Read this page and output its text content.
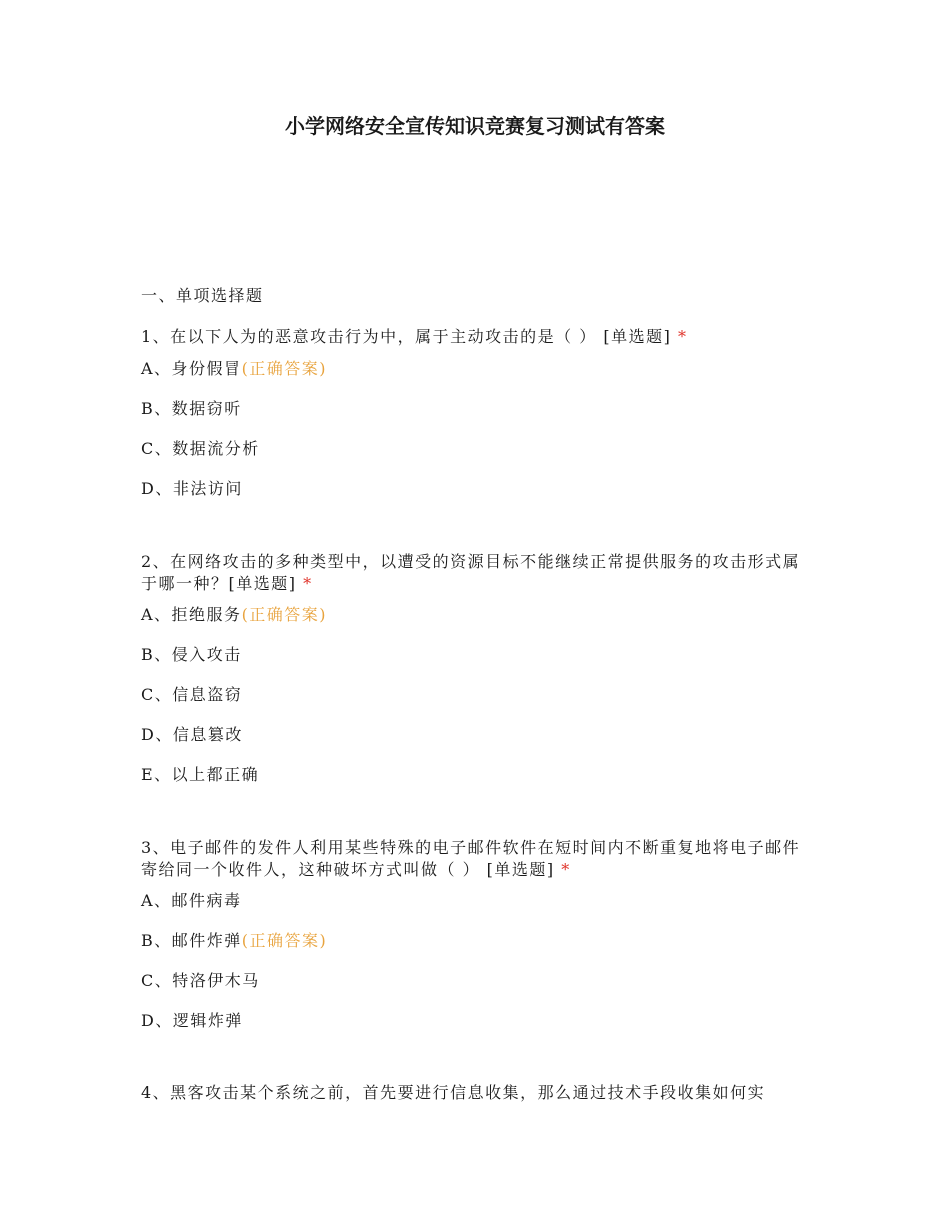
小学网络安全宣传知识竞赛复习测试有答案
一、单项选择题
1、在以下人为的恶意攻击行为中，属于主动攻击的是（ ） [单选题] *
A、身份假冒(正确答案)
B、数据窃听
C、数据流分析
D、非法访问
2、在网络攻击的多种类型中，以遭受的资源目标不能继续正常提供服务的攻击形式属于哪一种？[单选题] *
A、拒绝服务(正确答案)
B、侵入攻击
C、信息盗窃
D、信息篡改
E、以上都正确
3、电子邮件的发件人利用某些特殊的电子邮件软件在短时间内不断重复地将电子邮件寄给同一个收件人，这种破坏方式叫做（ ） [单选题] *
A、邮件病毒
B、邮件炸弹(正确答案)
C、特洛伊木马
D、逻辑炸弹
4、黑客攻击某个系统之前，首先要进行信息收集，那么通过技术手段收集如何实
